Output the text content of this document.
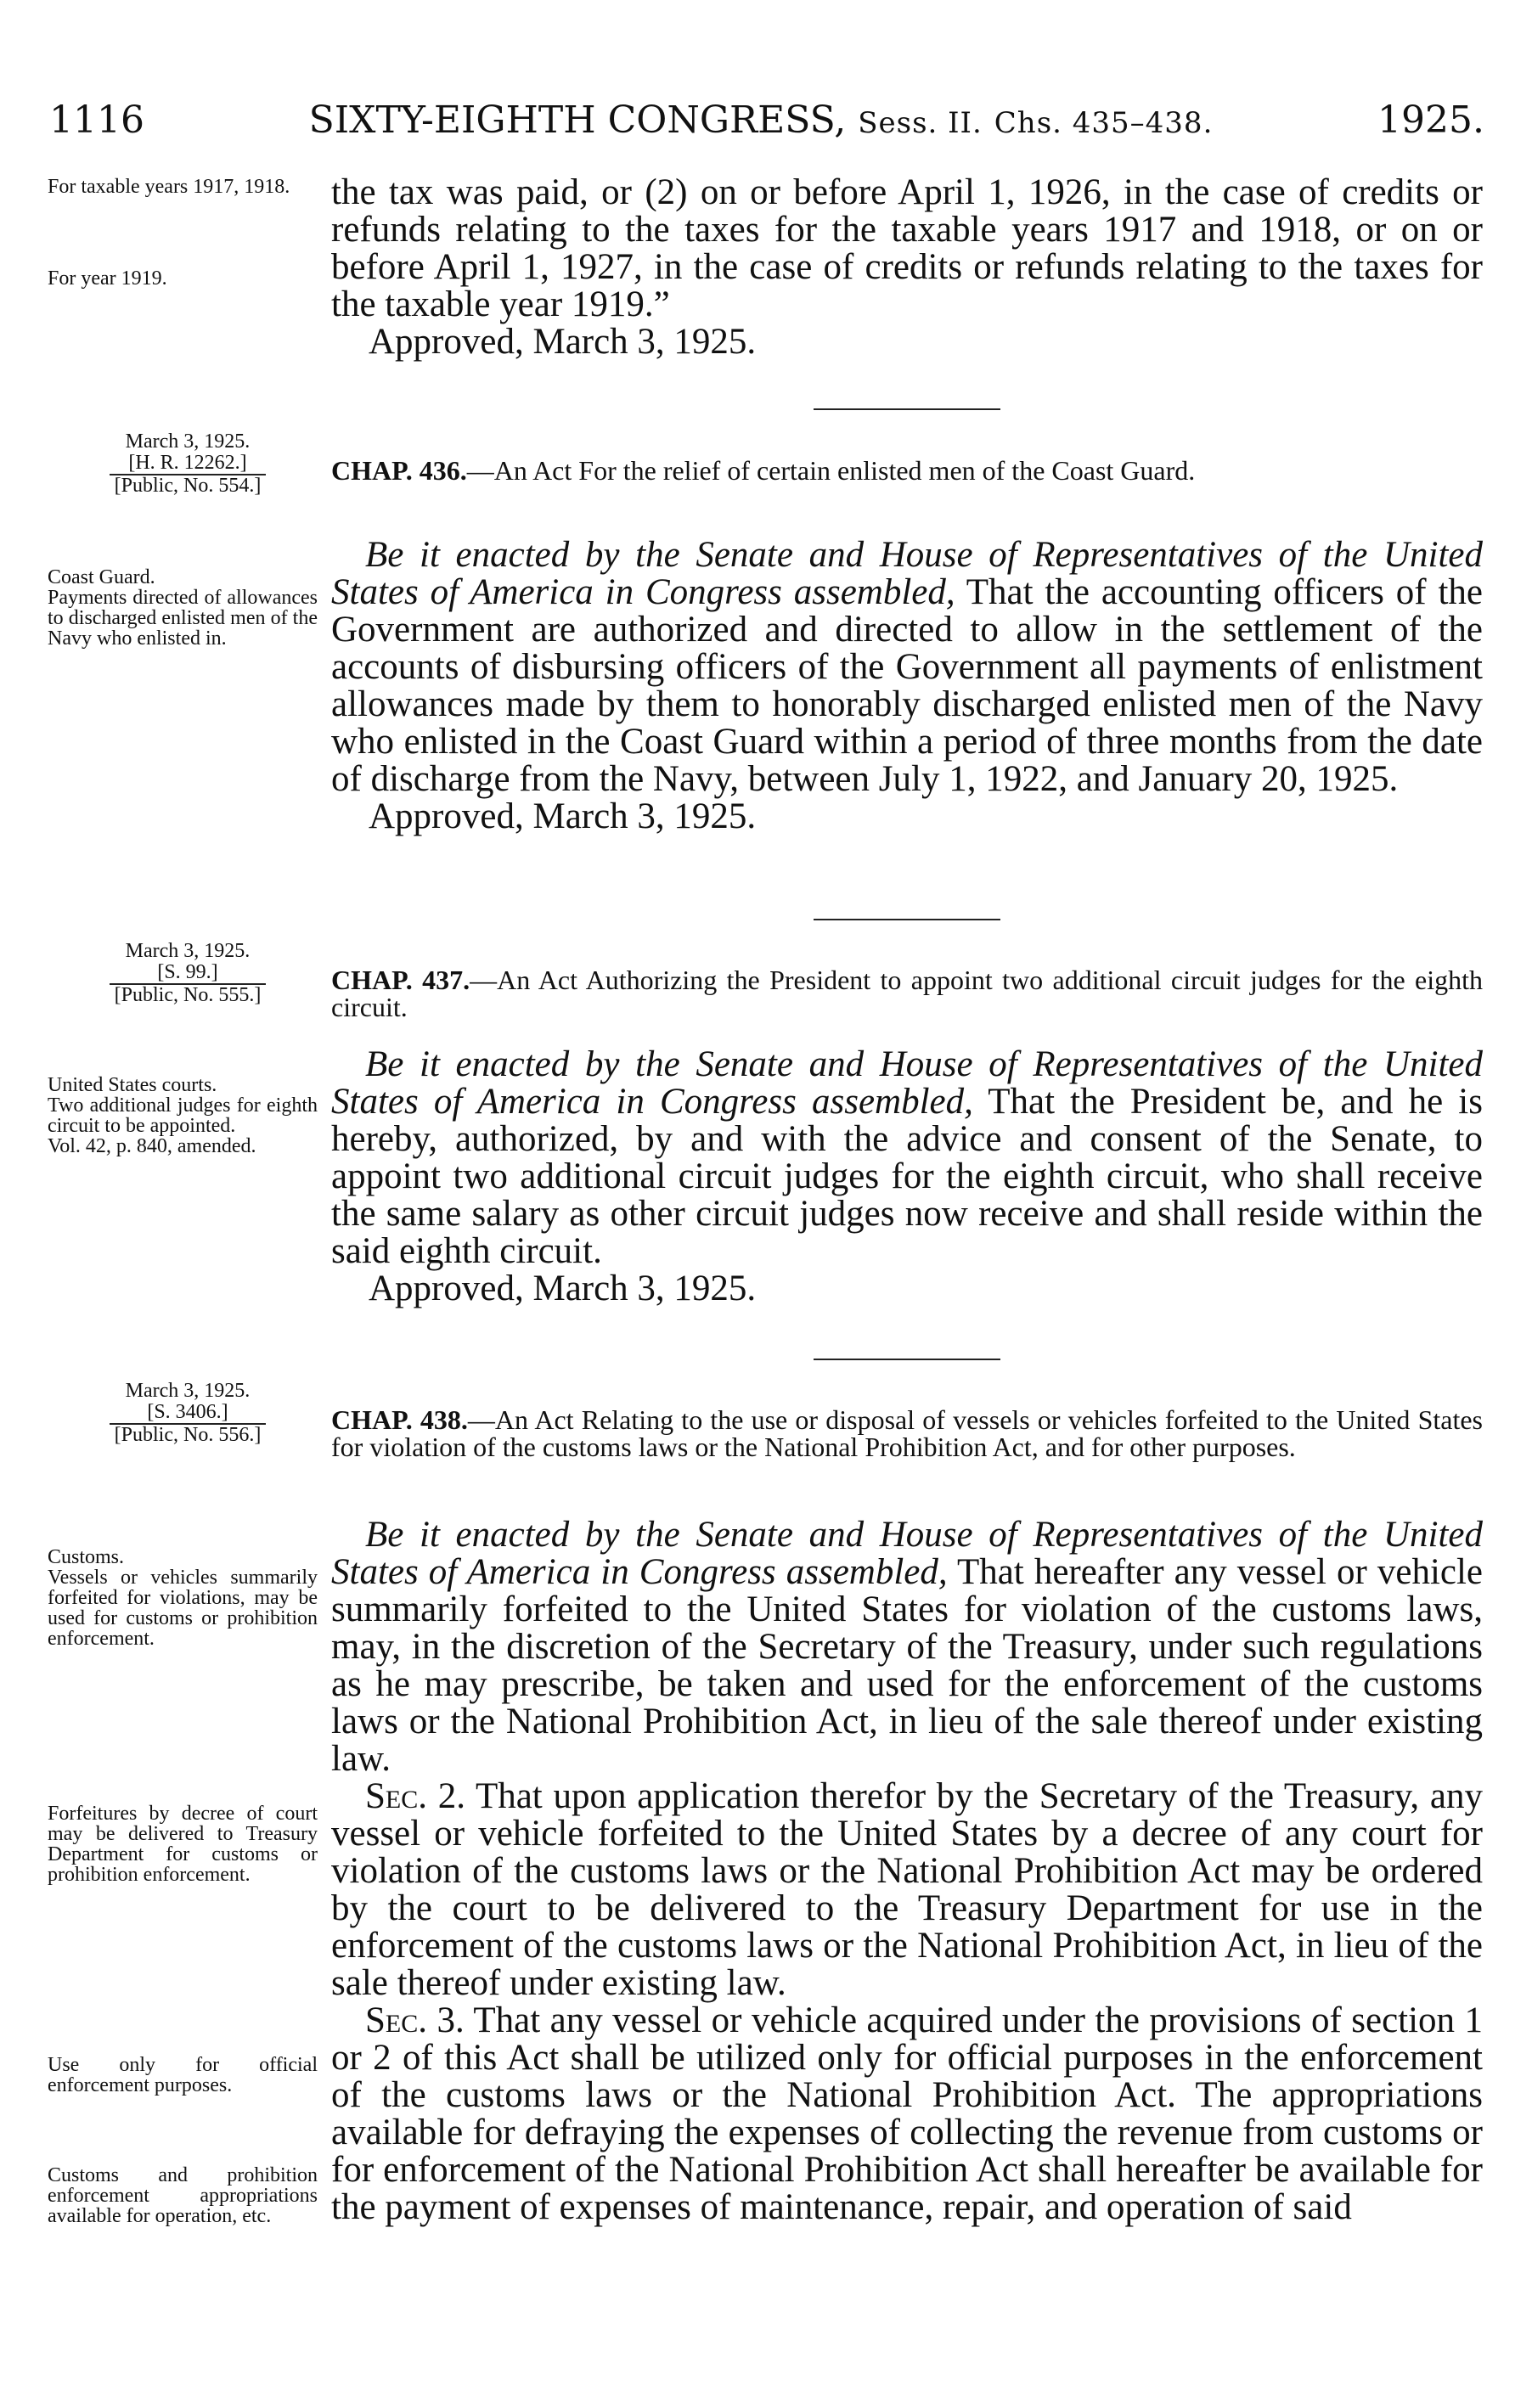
1116	SIXTY-EIGHTH CONGRESS, Sess. II. Chs. 435–438.	1925.
For taxable years 1917, 1918.
For year 1919.

the tax was paid, or (2) on or before April 1, 1926, in the case of credits or refunds relating to the taxes for the taxable years 1917 and 1918, or on or before April 1, 1927, in the case of credits or refunds relating to the taxes for the taxable year 1919.”

Approved, March 3, 1925.

March 3, 1925.
[H. R. 12262.]
[Public, No. 554.]	CHAP. 436.—An Act For the relief of certain enlisted men of the Coast Guard.
Coast Guard.
Payments directed of allowances to discharged enlisted men of the Navy who enlisted in.

Be it enacted by the Senate and House of Representatives of the United States of America in Congress assembled, That the accounting officers of the Government are authorized and directed to allow in the settlement of the accounts of disbursing officers of the Government all payments of enlistment allowances made by them to honorably discharged enlisted men of the Navy who enlisted in the Coast Guard within a period of three months from the date of discharge from the Navy, between July 1, 1922, and January 20, 1925.

Approved, March 3, 1925.

March 3, 1925.
[S. 99.]
[Public, No. 555.]	CHAP. 437.—An Act Authorizing the President to appoint two additional circuit judges for the eighth circuit.
United States courts.
Two additional judges for eighth circuit to be appointed.
Vol. 42, p. 840, amended.

Be it enacted by the Senate and House of Representatives of the United States of America in Congress assembled, That the President be, and he is hereby, authorized, by and with the advice and consent of the Senate, to appoint two additional circuit judges for the eighth circuit, who shall receive the same salary as other circuit judges now receive and shall reside within the said eighth circuit.

Approved, March 3, 1925.

March 3, 1925.
[S. 3406.]
[Public, No. 556.]	CHAP. 438.—An Act Relating to the use or disposal of vessels or vehicles forfeited to the United States for violation of the customs laws or the National Prohibition Act, and for other purposes.
Customs.
Vessels or vehicles summarily forfeited for violations, may be used for customs or prohibition enforcement.
Forfeitures by decree of court may be delivered to Treasury Department for customs or prohibition enforcement.
Use only for official enforcement purposes.
Customs and prohibition enforcement appropriations available for operation, etc.

Be it enacted by the Senate and House of Representatives of the United States of America in Congress assembled, That hereafter any vessel or vehicle summarily forfeited to the United States for violation of the customs laws, may, in the discretion of the Secretary of the Treasury, under such regulations as he may prescribe, be taken and used for the enforcement of the customs laws or the National Prohibition Act, in lieu of the sale thereof under existing law.

Sec. 2. That upon application therefor by the Secretary of the Treasury, any vessel or vehicle forfeited to the United States by a decree of any court for violation of the customs laws or the National Prohibition Act may be ordered by the court to be delivered to the Treasury Department for use in the enforcement of the customs laws or the National Prohibition Act, in lieu of the sale thereof under existing law.

Sec. 3. That any vessel or vehicle acquired under the provisions of section 1 or 2 of this Act shall be utilized only for official purposes in the enforcement of the customs laws or the National Prohibition Act. The appropriations available for defraying the expenses of collecting the revenue from customs or for enforcement of the National Prohibition Act shall hereafter be available for the payment of expenses of maintenance, repair, and operation of said
